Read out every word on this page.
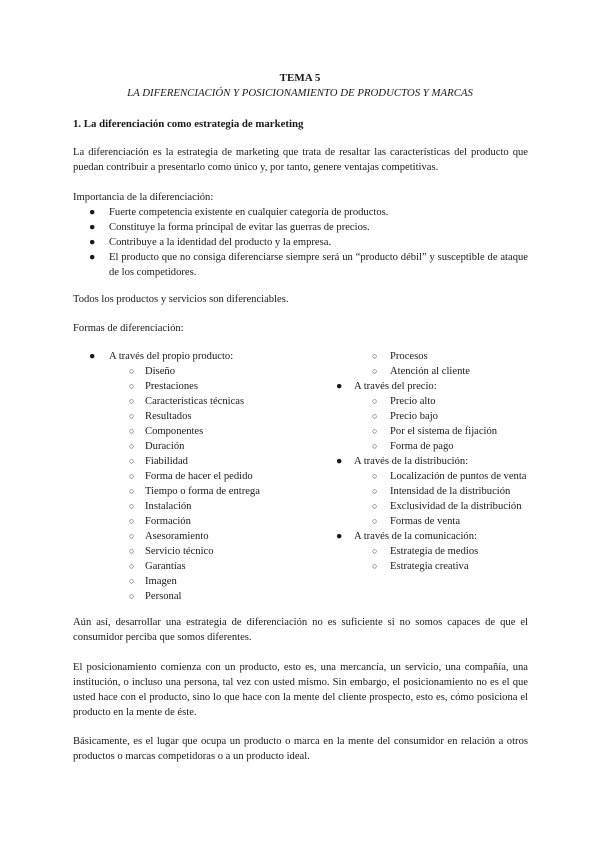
TEMA 5
LA DIFERENCIACIÓN Y POSICIONAMIENTO DE PRODUCTOS Y MARCAS
1. La diferenciación como estrategia de marketing
La diferenciación es la estrategia de marketing que trata de resaltar las características del producto que puedan contribuir a presentarlo como único y, por tanto, genere ventajas competitivas.
Importancia de la diferenciación:
● Fuerte competencia existente en cualquier categoría de productos.
● Constituye la forma principal de evitar las guerras de precios.
● Contribuye a la identidad del producto y la empresa.
● El producto que no consiga diferenciarse siempre será un “producto débil” y susceptible de ataque de los competidores.
Todos los productos y servicios son diferenciables.
Formas de diferenciación:
● A través del propio producto:
○ Diseño
○ Prestaciones
○ Características técnicas
○ Resultados
○ Componentes
○ Duración
○ Fiabilidad
○ Forma de hacer el pedido
○ Tiempo o forma de entrega
○ Instalación
○ Formación
○ Asesoramiento
○ Servicio técnico
○ Garantías
○ Imagen
○ Personal
○ Procesos
○ Atención al cliente
● A través del precio:
○ Precio alto
○ Precio bajo
○ Por el sistema de fijación
○ Forma de pago
● A través de la distribución:
○ Localización de puntos de venta
○ Intensidad de la distribución
○ Exclusividad de la distribución
○ Formas de venta
● A través de la comunicación:
○ Estrategia de medios
○ Estrategia creativa
Aún así, desarrollar una estrategia de diferenciación no es suficiente si no somos capaces de que el consumidor perciba que somos diferentes.
El posicionamiento comienza con un producto, esto es, una mercancía, un servicio, una compañía, una institución, o incluso una persona, tal vez con usted mismo. Sin embargo, el posicionamiento no es el que usted hace con el producto, sino lo que hace con la mente del cliente prospecto, esto es, cómo posiciona el producto en la mente de éste.
Básicamente, es el lugar que ocupa un producto o marca en la mente del consumidor en relación a otros productos o marcas competidoras o a un producto ideal.
